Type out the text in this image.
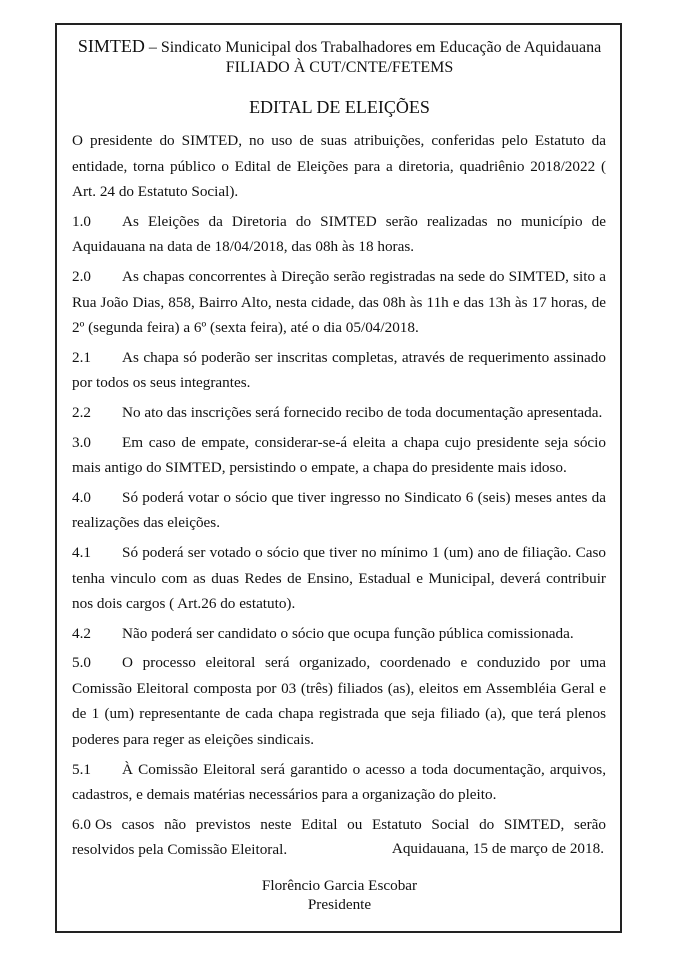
SIMTED – Sindicato Municipal dos Trabalhadores em Educação de Aquidauana
FILIADO À CUT/CNTE/FETEMS
EDITAL DE ELEIÇÕES

O presidente do SIMTED, no uso de suas atribuições, conferidas pelo Estatuto da entidade, torna público o Edital de Eleições para a diretoria, quadriênio 2018/2022 ( Art. 24 do Estatuto Social).

1.0 As Eleições da Diretoria do SIMTED serão realizadas no município de Aquidauana na data de 18/04/2018, das 08h às 18 horas.

2.0 As chapas concorrentes à Direção serão registradas na sede do SIMTED, sito a Rua João Dias, 858, Bairro Alto, nesta cidade, das 08h às 11h e das 13h às 17 horas, de 2º (segunda feira) a 6º (sexta feira), até o dia 05/04/2018.

2.1 As chapa só poderão ser inscritas completas, através de requerimento assinado por todos os seus integrantes.

2.2 No ato das inscrições será fornecido recibo de toda documentação apresentada.

3.0 Em caso de empate, considerar-se-á eleita a chapa cujo presidente seja sócio mais antigo do SIMTED, persistindo o empate, a chapa do presidente mais idoso.

4.0 Só poderá votar o sócio que tiver ingresso no Sindicato 6 (seis) meses antes da realizações das eleições.

4.1 Só poderá ser votado o sócio que tiver no mínimo 1 (um) ano de filiação. Caso tenha vinculo com as duas Redes de Ensino, Estadual e Municipal, deverá contribuir nos dois cargos ( Art.26 do estatuto).

4.2 Não poderá ser candidato o sócio que ocupa função pública comissionada.

5.0 O processo eleitoral será organizado, coordenado e conduzido por uma Comissão Eleitoral composta por 03 (três) filiados (as), eleitos em Assembléia Geral e de 1 (um) representante de cada chapa registrada que seja filiado (a), que terá plenos poderes para reger as eleições sindicais.

5.1 À Comissão Eleitoral será garantido o acesso a toda documentação, arquivos, cadastros, e demais matérias necessários para a organização do pleito.

6.0 Os casos não previstos neste Edital ou Estatuto Social do SIMTED, serão resolvidos pela Comissão Eleitoral.	Aquidauana, 15 de março de 2018.
Florêncio Garcia Escobar
Presidente
